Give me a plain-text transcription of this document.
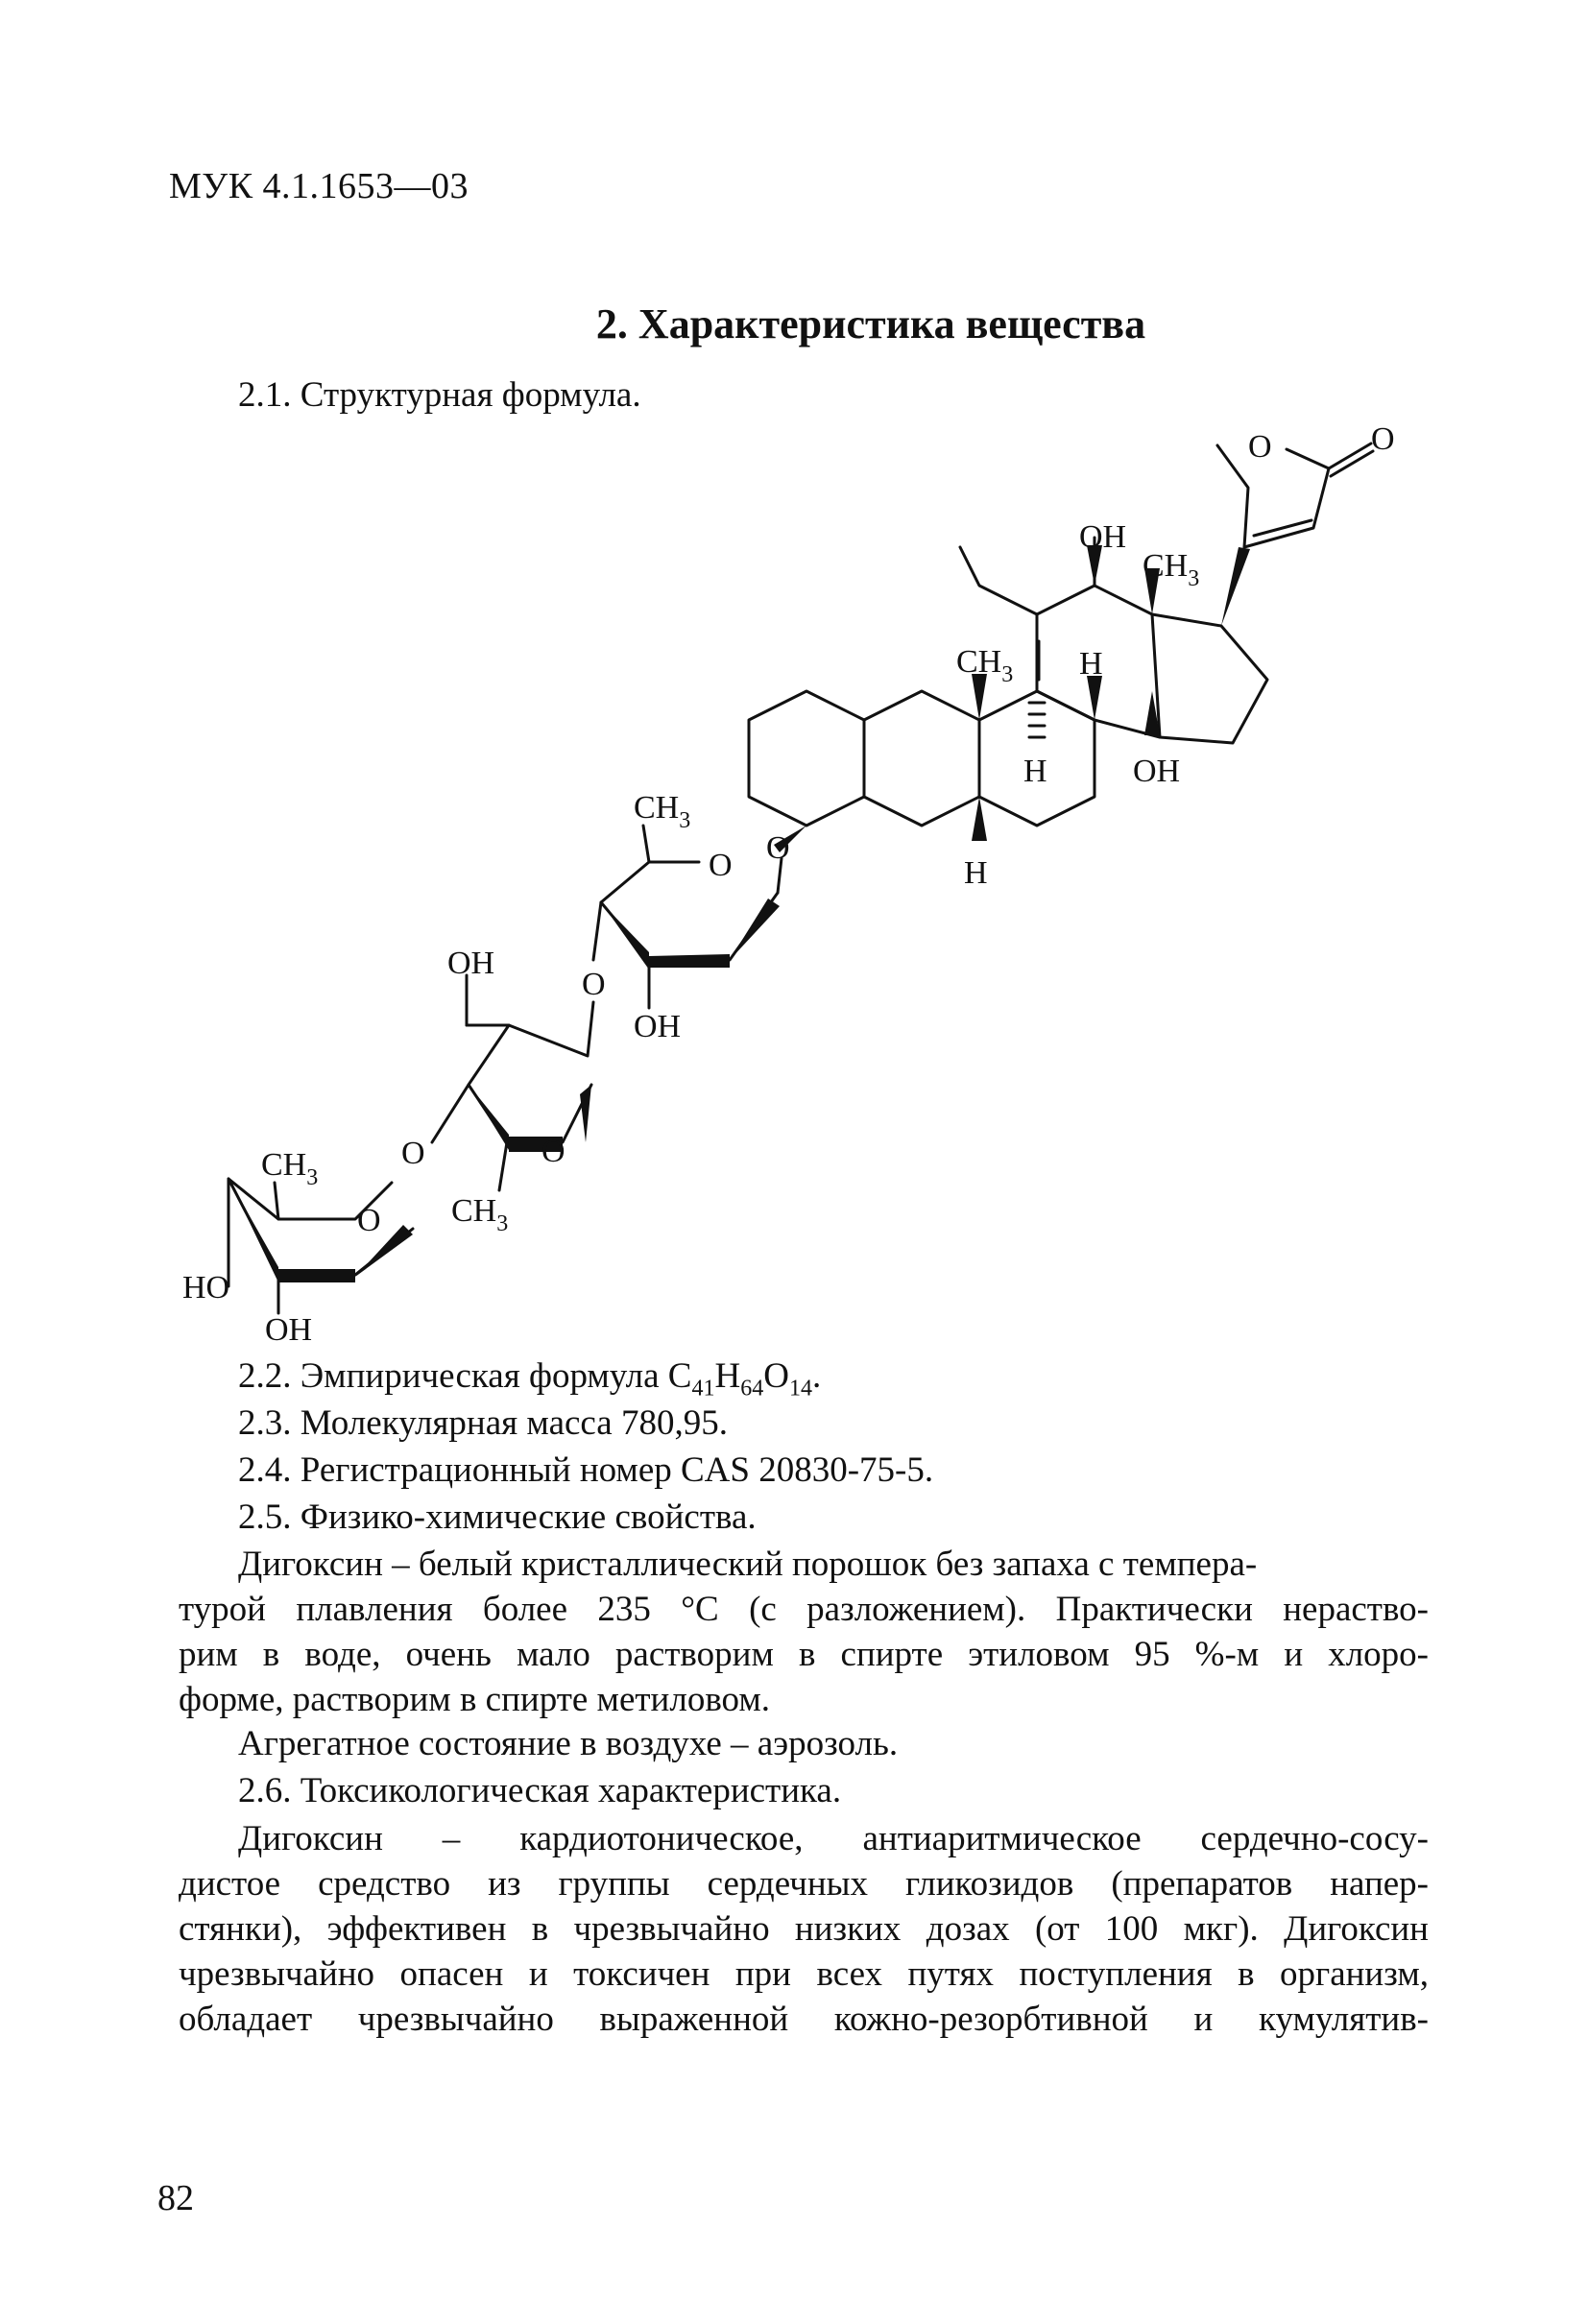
МУК 4.1.1653—03
2. Характеристика вещества
2.1. Структурная формула.
O	O
OH
$CH_3$
$CH_3$ H
H	OH
H
O
$CH_3$
O
OH
O
OH
O
$CH_3$
O
$CH_3$
O
HO
OH
2.2. Эмпирическая формула $C_{41}H_{64}O_{14}$.
2.3. Молекулярная масса 780,95.
2.4. Регистрационный номер CAS 20830-75-5.
2.5. Физико-химические свойства.

Дигоксин – белый кристаллический порошок без запаха с темпера-

турой плавления более 235 °С (с разложением). Практически нераство-

рим в воде, очень мало растворим в спирте этиловом 95 %-м и хлоро-

форме, растворим в спирте метиловом.

Агрегатное состояние в воздухе – аэрозоль.
2.6. Токсикологическая характеристика.

Дигоксин – кардиотоническое, антиаритмическое сердечно-сосу-

дистое средство из группы сердечных гликозидов (препаратов напер-

стянки), эффективен в чрезвычайно низких дозах (от 100 мкг). Дигоксин

чрезвычайно опасен и токсичен при всех путях поступления в организм,

обладает чрезвычайно выраженной кожно-резорбтивной и кумулятив-

82
